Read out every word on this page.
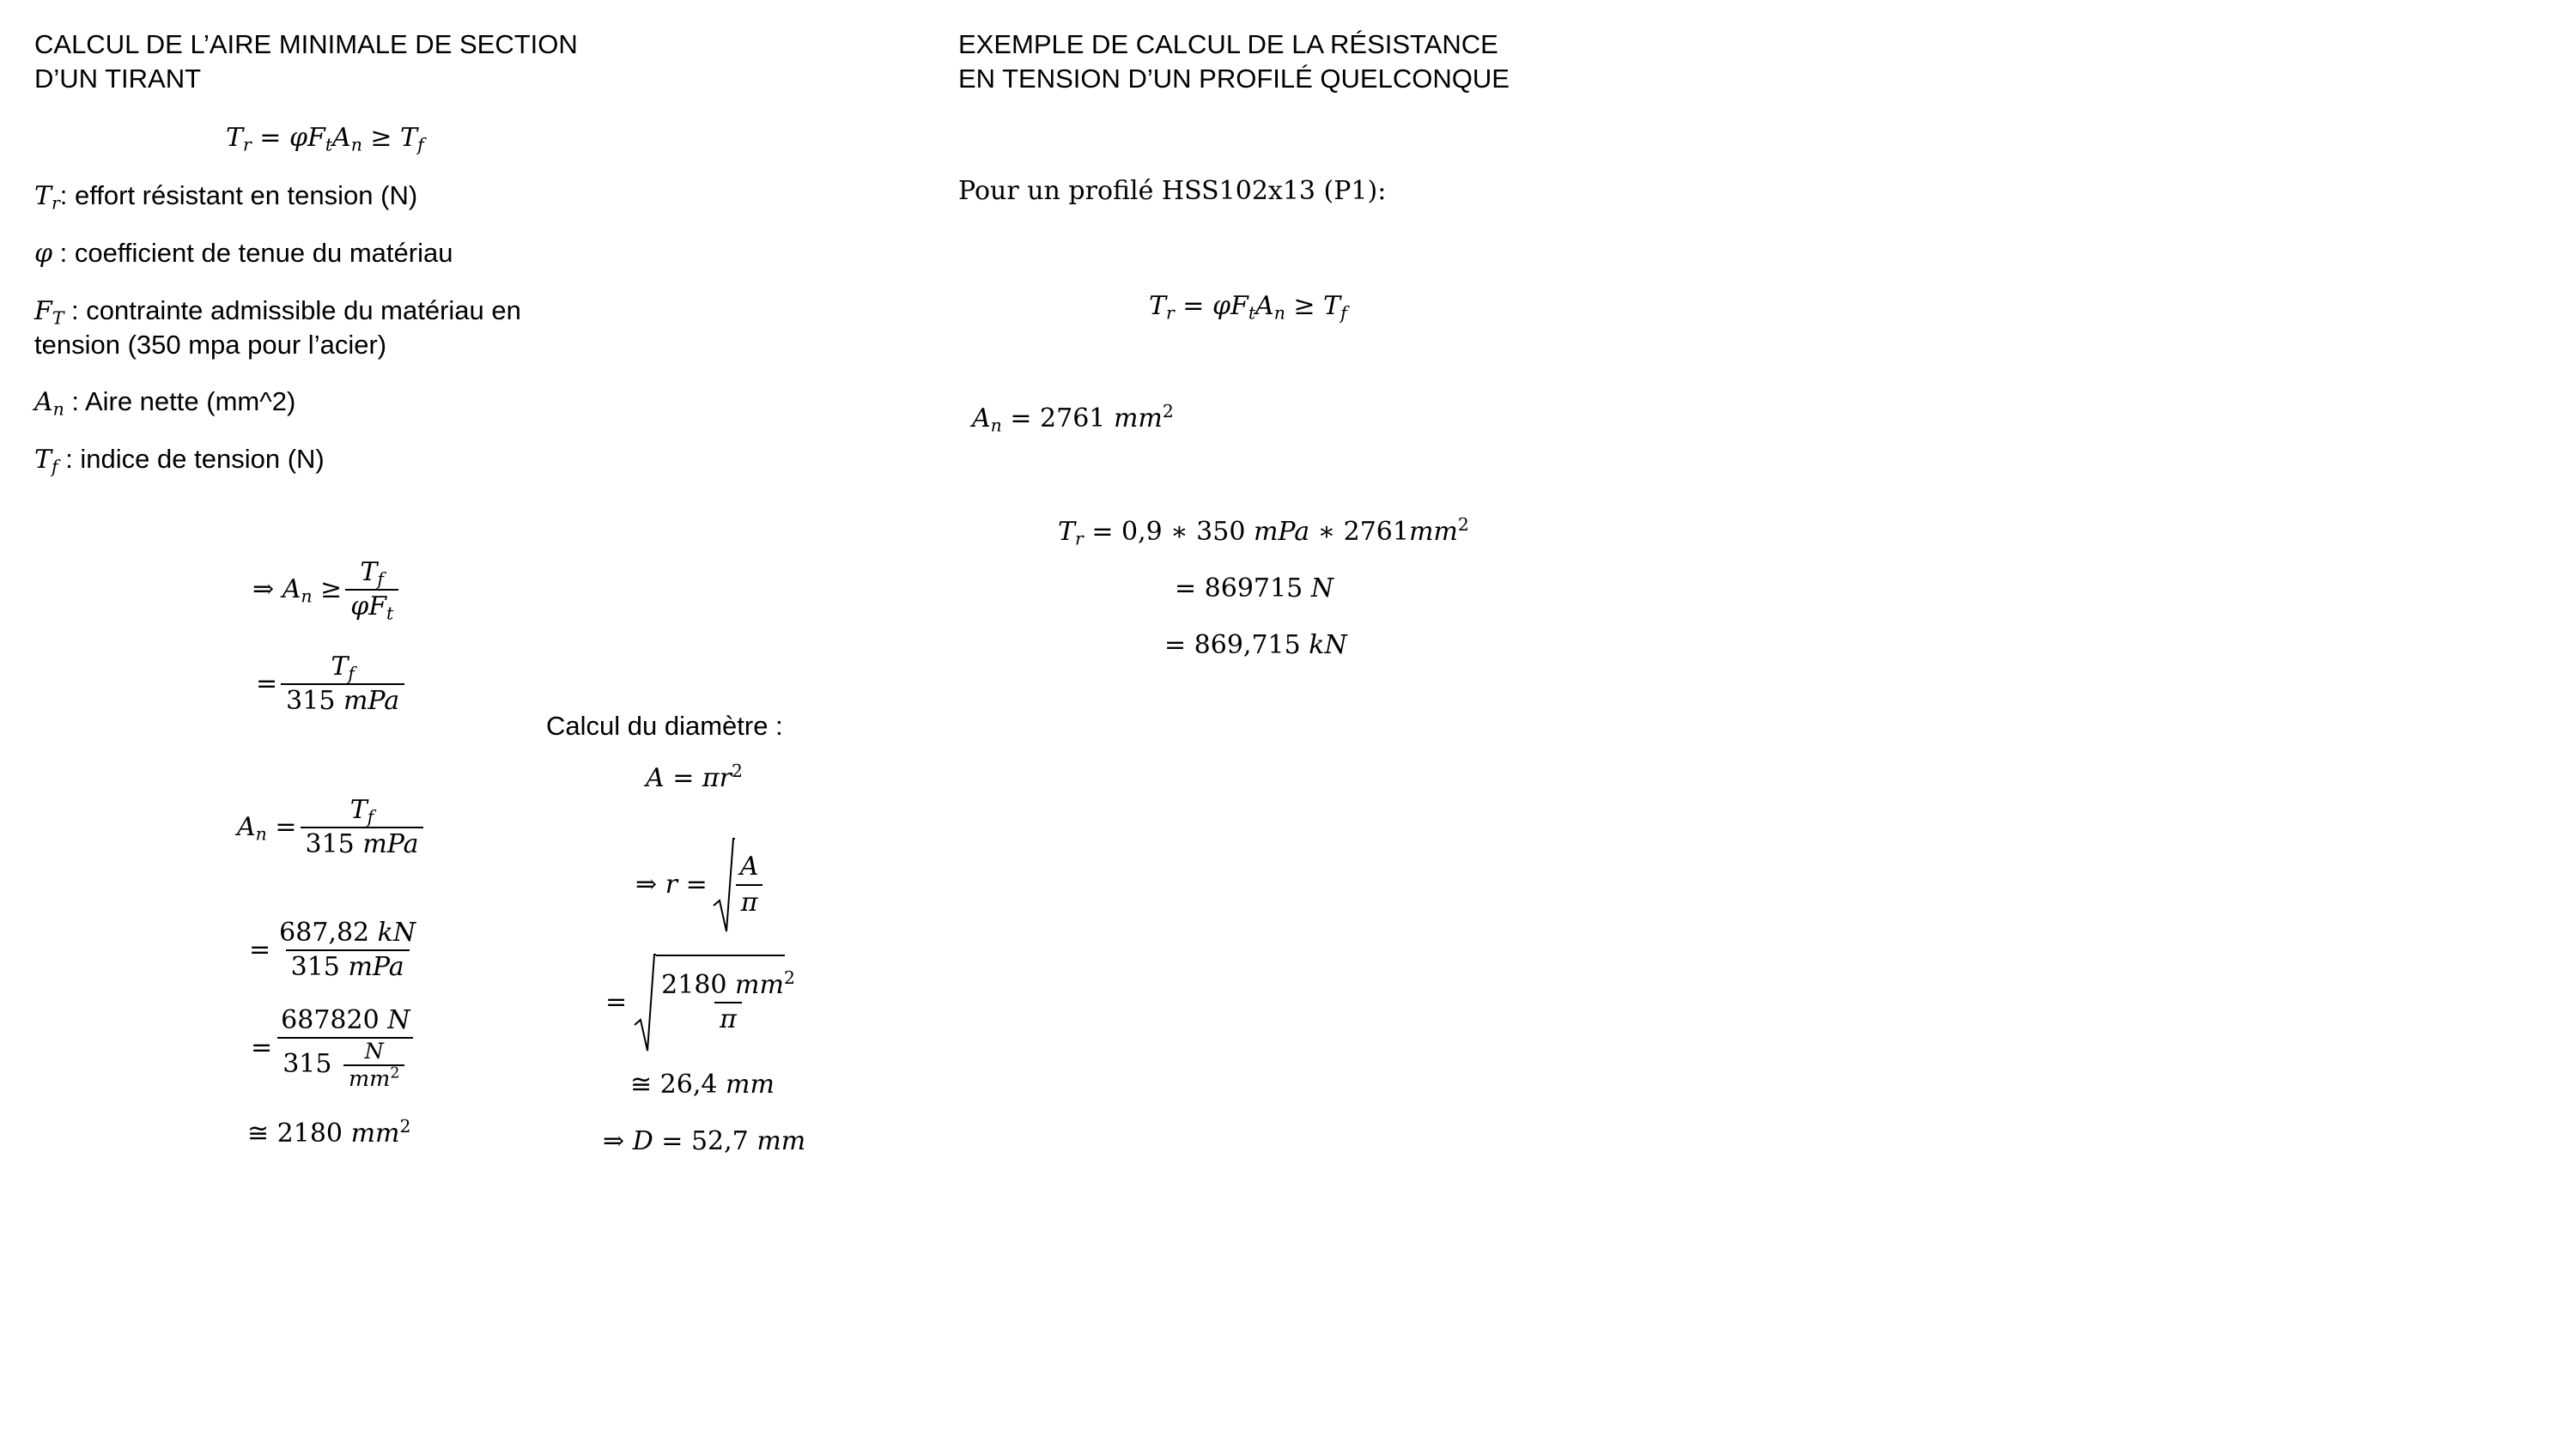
CALCUL DE L’AIRE MINIMALE DE SECTION
D’UN TIRANT
$T_r = \varphi F_tA_n \ge T_f$
$T_r$: effort résistant en tension (N)
φ : coefficient de tenue du matériau
$F_T$ : contrainte admissible du matériau en
tension (350 mpa pour l’acier)
$A_n$ : Aire nette (mm^2)
$T_f$ : indice de tension (N)
⇒ $A_n \ge \frac{T_f}{\varphi F_t}$
= $\frac{T_f}{\text{315 mPa}}$
$A_n = \frac{T_f}{\text{315 mPa}}$
= $\frac{687,82 kN}{\text{315 mPa}}$
= $\frac{687820 N}{315 \frac{N}{mm^2}}$
≅ 2180 $mm^2$
Calcul du diamètre :
$A = \pi r^2$
⇒ $r = \frac{A}{\pi}$
= $\frac{2180 mm^2}{\pi}$
≅ 26,4 mm
⇒ D = 52,7 mm
EXEMPLE DE CALCUL DE LA RÉSISTANCE
EN TENSION D’UN PROFILÉ QUELCONQUE
Pour un profilé HSS102x13 (P1):
$T_r = \varphi F_tA_n \ge T_f$
$A_n = 2761$ $mm^2$
$T_r = 0,9$ ∗ 350 mPa ∗ $2761mm^2$
= 869715 N
= 869,715 kN
